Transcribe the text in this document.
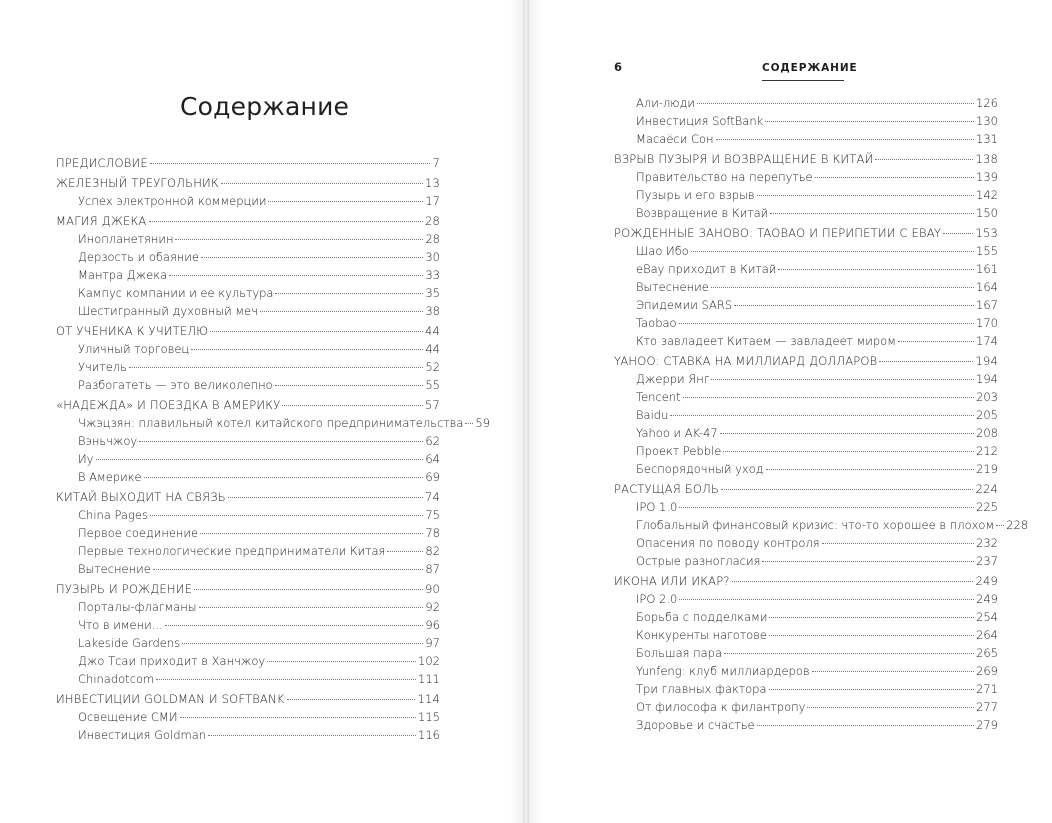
Содержание
ПРЕДИСЛОВИЕ	7
ЖЕЛЕЗНЫЙ ТРЕУГОЛЬНИК	13
Успех электронной коммерции	17
МАГИЯ ДЖЕКА	28
Инопланетянин	28
Дерзость и обаяние	30
Мантра Джека	33
Кампус компании и ее культура	35
Шестигранный духовный меч	38
ОТ УЧЕНИКА К УЧИТЕЛЮ	44
Уличный торговец	44
Учитель	52
Разбогатеть — это великолепно	55
«НАДЕЖДА» И ПОЕЗДКА В АМЕРИКУ	57
Чжэцзян: плавильный котел китайского предпринимательства 59
Вэньчжоу	62
Иу	64
В Америке	69
КИТАЙ ВЫХОДИТ НА СВЯЗЬ	74
China Pages	75
Первое соединение	78
Первые технологические предприниматели Китая	82
Вытеснение	87
ПУЗЫРЬ И РОЖДЕНИЕ	90
Порталы-флагманы	92
Что в имени...	96
Lakeside Gardens	97
Джо Тсаи приходит в Ханчжоу	102
Chinadotcom	111
ИНВЕСТИЦИИ GOLDMAN И SOFTBANK	114
Освещение СМИ	115
Инвестиция Goldman	116
6	СОДЕРЖАНИЕ
Али-люди	126
Инвестиция SoftBank	130
Масаёси Сон	131
ВЗРЫВ ПУЗЫРЯ И ВОЗВРАЩЕНИЕ В КИТАЙ	138
Правительство на перепутье	139
Пузырь и его взрыв	142
Возвращение в Китай	150
РОЖДЕННЫЕ ЗАНОВО: TAOBAO И ПЕРИПЕТИИ С EBAY	153
Шао Ибо	155
eBay приходит в Китай	161
Вытеснение	164
Эпидемии SARS	167
Taobao	170
Кто завладеет Китаем — завладеет миром	174
YAHOO: СТАВКА НА МИЛЛИАРД ДОЛЛАРОВ	194
Джерри Янг	194
Tencent	203
Baidu	205
Yahoo и AK-47	208
Проект Pebble	212
Беспорядочный уход	219
РАСТУЩАЯ БОЛЬ	224
IPO 1.0	225
Глобальный финансовый кризис: что-то хорошее в плохом 228
Опасения по поводу контроля	232
Острые разногласия	237
ИКОНА ИЛИ ИКАР?	249
IPO 2.0	249
Борьба с подделками	254
Конкуренты наготове	264
Большая пара	265
Yunfeng: клуб миллиардеров	269
Три главных фактора	271
От философа к филантропу	277
Здоровье и счастье	279
